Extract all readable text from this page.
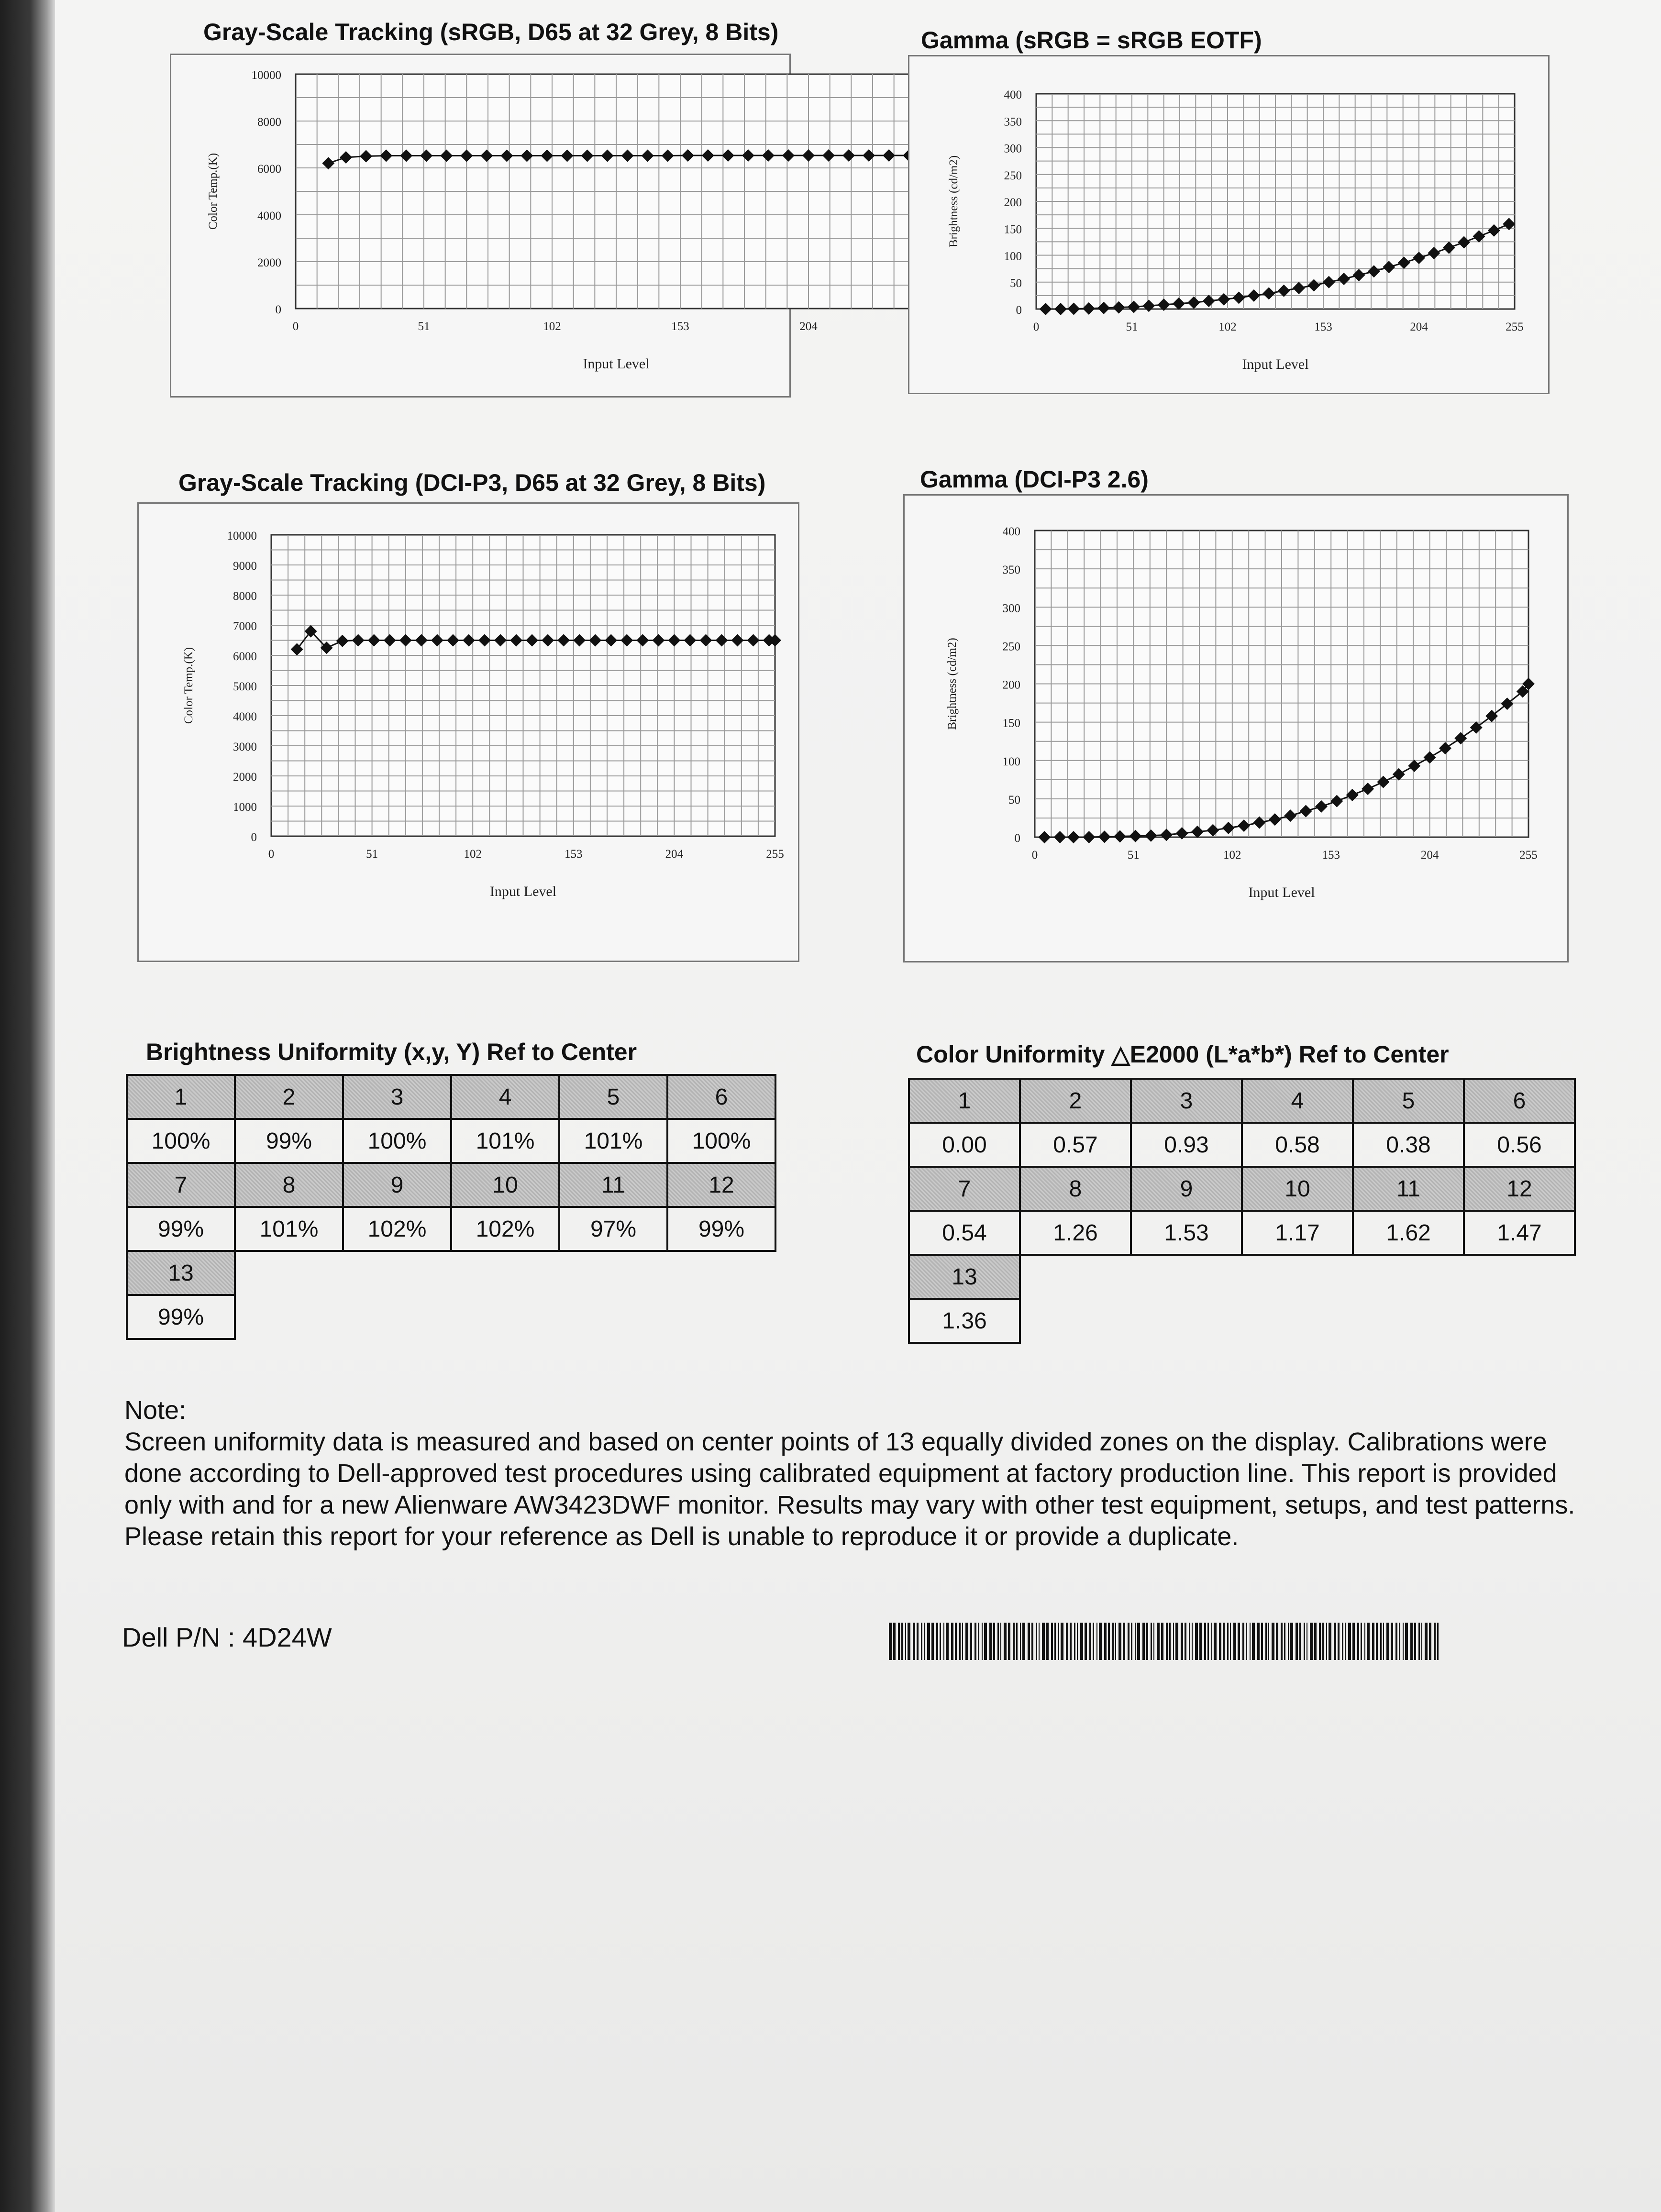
Gray-Scale Tracking (sRGB, D65 at 32 Grey, 8 Bits)
10000
8000
6000
4000
2000
0
0	51	102	153	204
Input Level
Color Temp.(K)
Gamma (sRGB = sRGB EOTF)
400
350
300
250
200
150
100
50
0
0	51	102	153	204	255
Input Level
Brightness (cd/m2)
Gray-Scale Tracking (DCI-P3, D65 at 32 Grey, 8 Bits)
10000
9000
8000
7000
6000
5000
4000
3000
2000
1000
0
0	51	102	153	204	255
Input Level
Color Temp.(K)
Gamma (DCI-P3 2.6)
400
350
300
250
200
150
100
50
0
0	51	102	153	204	255
Input Level
Brightness (cd/m2)
Brightness Uniformity (x,y, Y) Ref to Center
1	2	3	4	5	6
100%	99%	100%	101%	101%	100%
7	8	9	10	11	12
99%	101%	102%	102%	97%	99%
13					
99%					
Color Uniformity △E2000 (L*a*b*) Ref to Center
1	2	3	4	5	6
0.00	0.57	0.93	0.58	0.38	0.56
7	8	9	10	11	12
0.54	1.26	1.53	1.17	1.62	1.47
13					
1.36					
Note:
Screen uniformity data is measured and based on center points of 13 equally divided zones on the display. Calibrations were done according to Dell-approved test procedures using calibrated equipment at factory production line. This report is provided only with and for a new Alienware AW3423DWF monitor. Results may vary with other test equipment, setups, and test patterns. Please retain this report for your reference as Dell is unable to reproduce it or provide a duplicate.
Dell P/N : 4D24W
